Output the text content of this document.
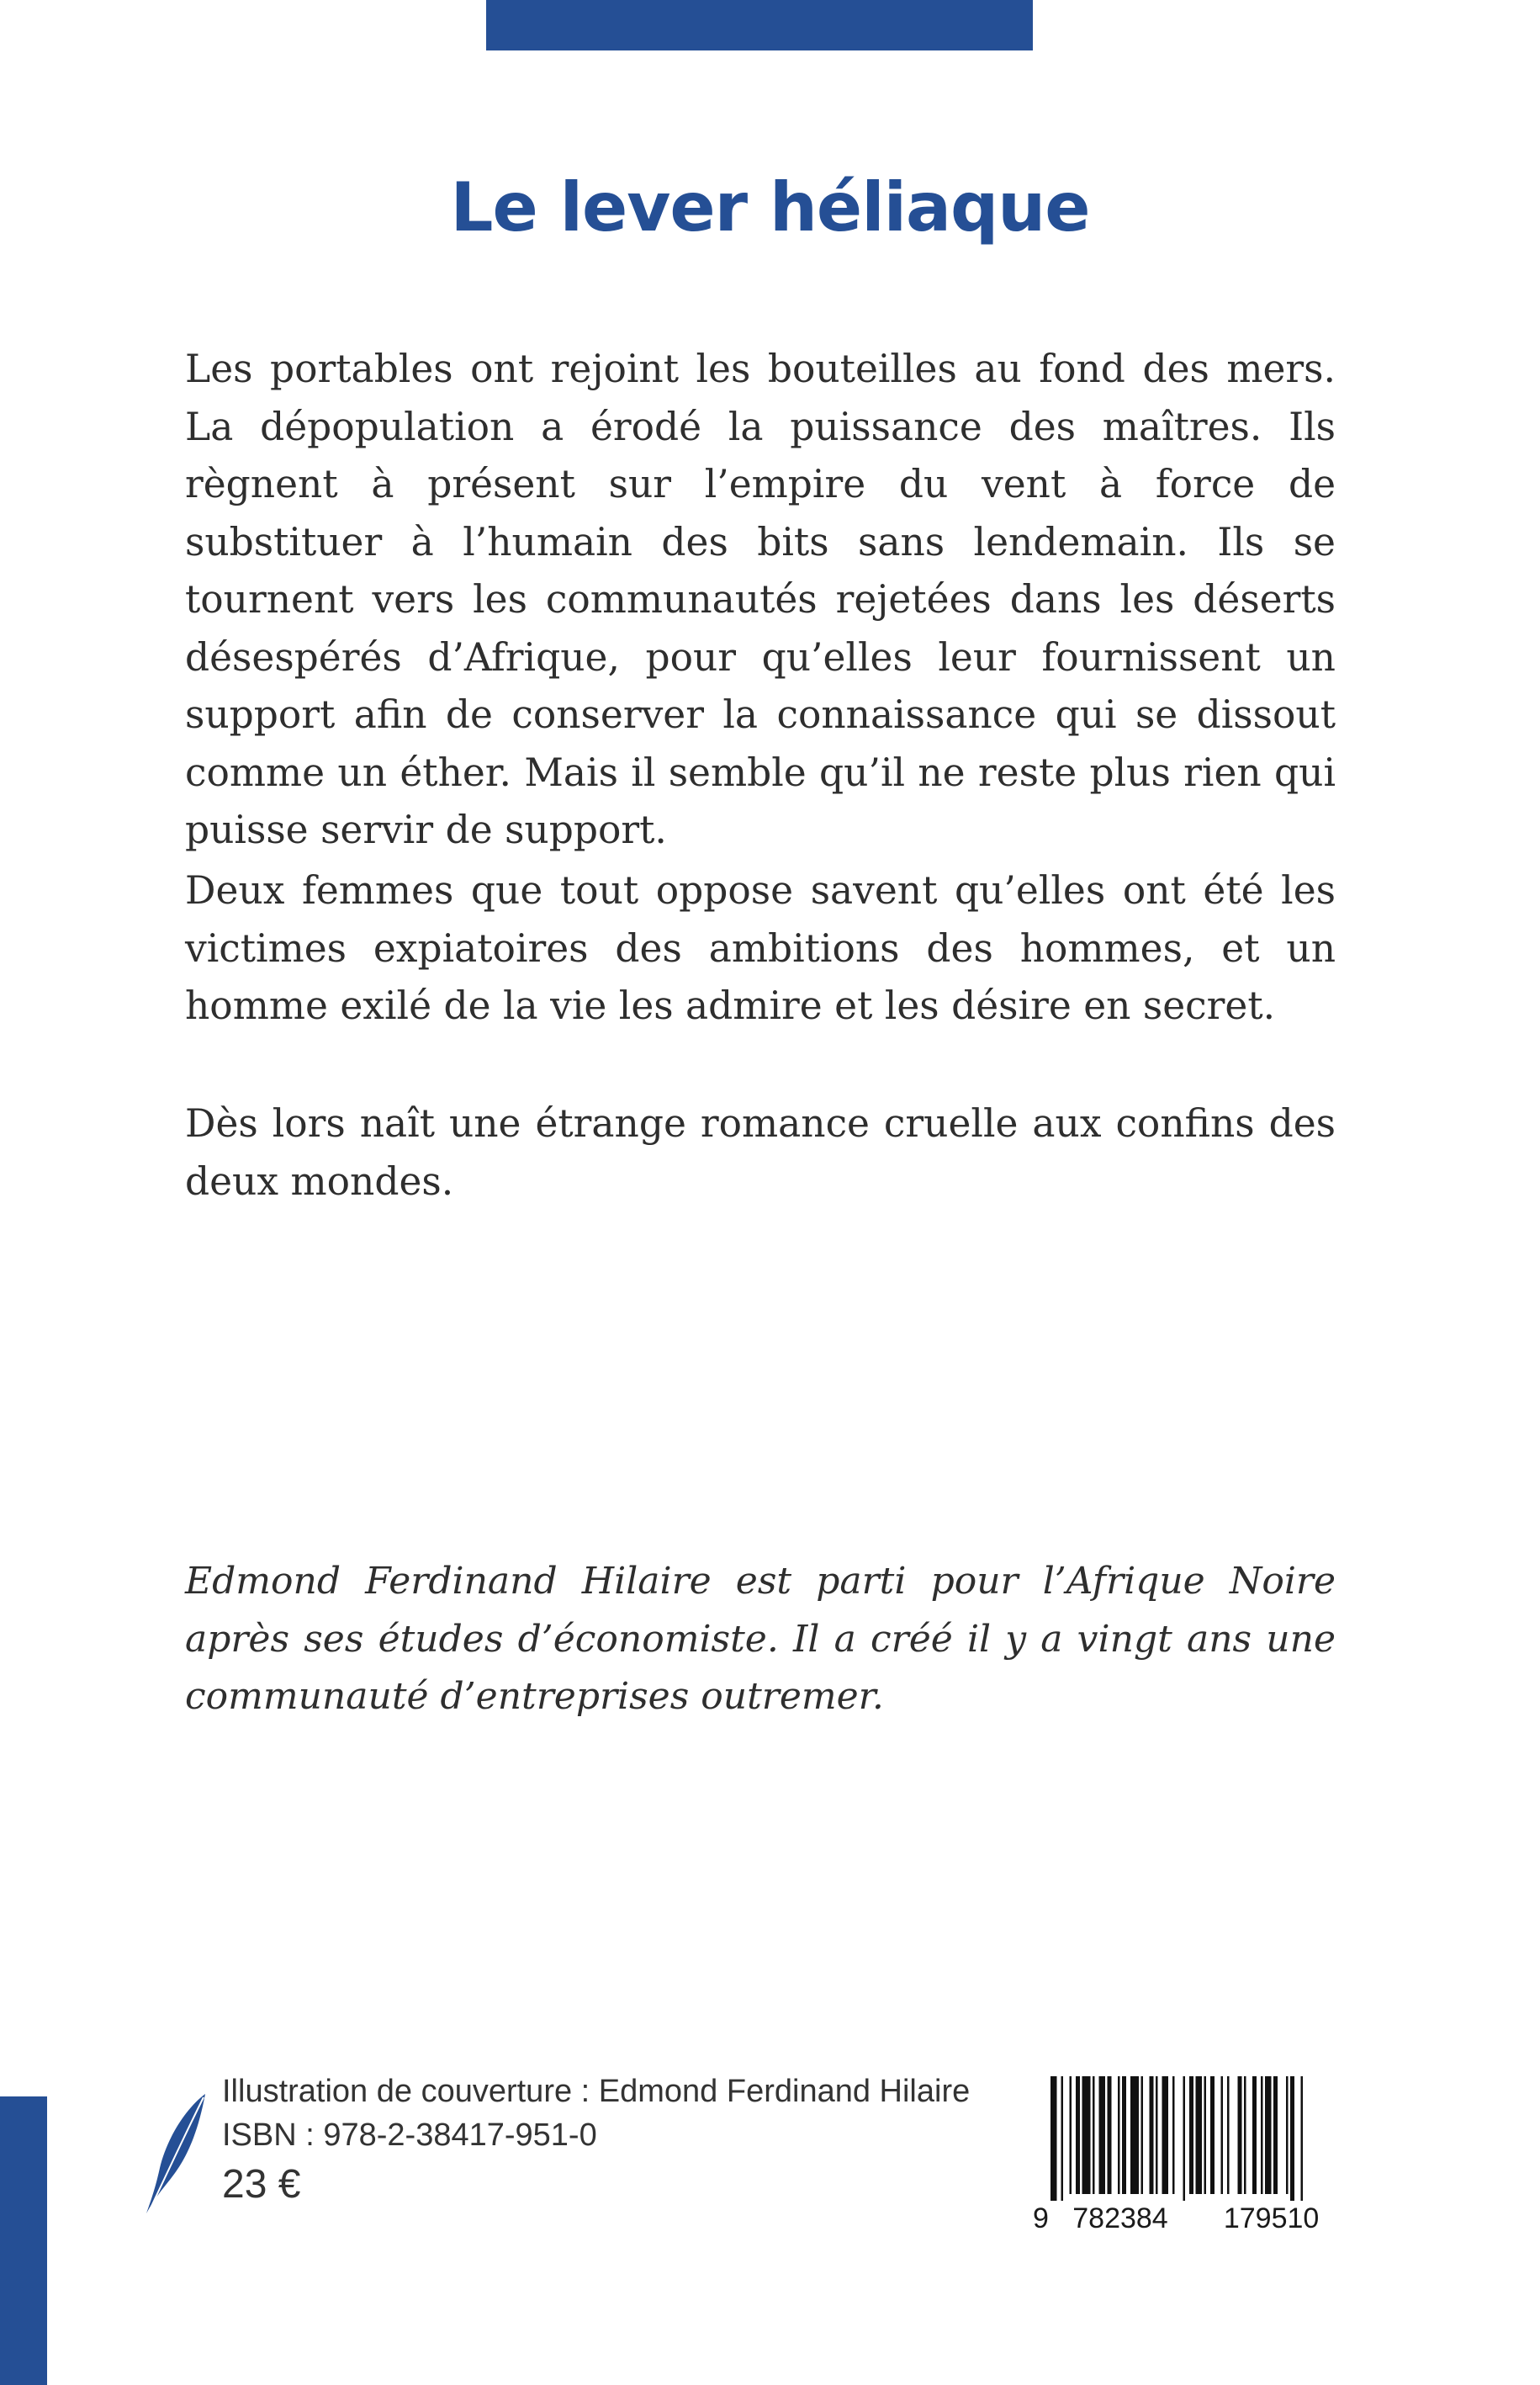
Le lever héliaque

Les portables ont rejoint les bouteilles au fond des mers. La dépopulation a érodé la puissance des maîtres. Ils règnent à présent sur l’empire du vent à force de substituer à l’humain des bits sans lendemain. Ils se tournent vers les communautés rejetées dans les déserts désespérés d’Afrique, pour qu’elles leur fournissent un support afin de conserver la connaissance qui se dissout comme un éther. Mais il semble qu’il ne reste plus rien qui puisse servir de support.

Deux femmes que tout oppose savent qu’elles ont été les victimes expiatoires des ambitions des hommes, et un homme exilé de la vie les admire et les désire en secret.

Dès lors naît une étrange romance cruelle aux confins des deux mondes.

Edmond Ferdinand Hilaire est parti pour l’Afrique Noire après ses études d’économiste. Il a créé il y a vingt ans une communauté d’entreprises outremer.

Illustration de couverture : Edmond Ferdinand Hilaire
ISBN : 978-2-38417-951-0
23 €
9 782384 179510
